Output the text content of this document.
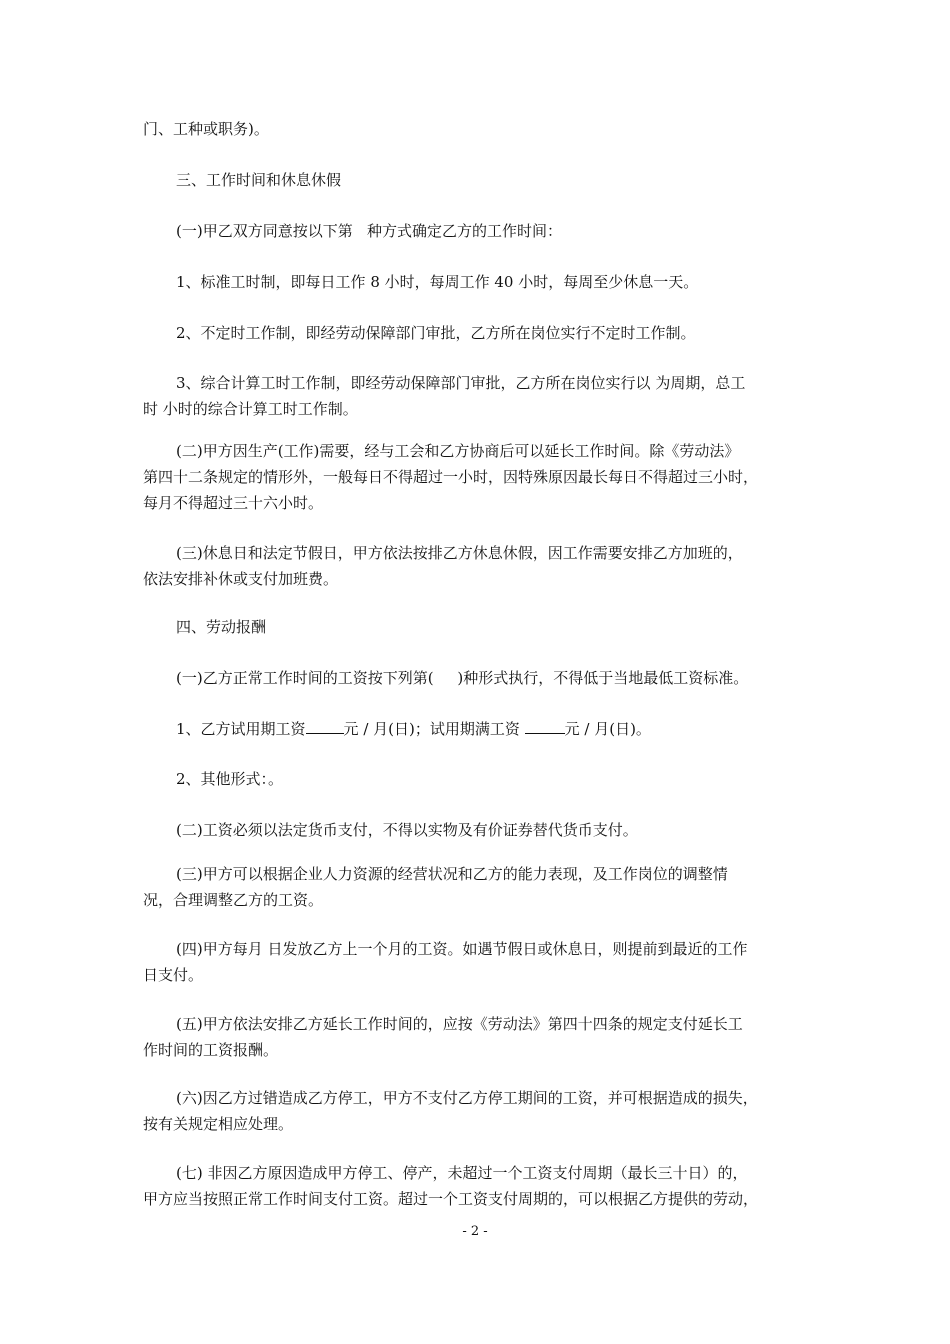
门、工种或职务)。

三、工作时间和休息休假

(一)甲乙双方同意按以下第   种方式确定乙方的工作时间：

1、标准工时制，即每日工作 8 小时，每周工作 40 小时，每周至少休息一天。

2、不定时工作制，即经劳动保障部门审批，乙方所在岗位实行不定时工作制。

3、综合计算工时工作制，即经劳动保障部门审批，乙方所在岗位实行以 为周期，总工
时 小时的综合计算工时工作制。

(二)甲方因生产(工作)需要，经与工会和乙方协商后可以延长工作时间。除《劳动法》
第四十二条规定的情形外，一般每日不得超过一小时，因特殊原因最长每日不得超过三小时，
每月不得超过三十六小时。

(三)休息日和法定节假日，甲方依法按排乙方休息休假，因工作需要安排乙方加班的，
依法安排补休或支付加班费。

四、劳动报酬

(一)乙方正常工作时间的工资按下列第(     )种形式执行，不得低于当地最低工资标准。

1、乙方试用期工资	元 / 月(日)；试用期满工资	元 / 月(日)。

2、其他形式：。

(二)工资必须以法定货币支付，不得以实物及有价证券替代货币支付。

(三)甲方可以根据企业人力资源的经营状况和乙方的能力表现，及工作岗位的调整情
况，合理调整乙方的工资。

(四)甲方每月 日发放乙方上一个月的工资。如遇节假日或休息日，则提前到最近的工作
日支付。

(五)甲方依法安排乙方延长工作时间的，应按《劳动法》第四十四条的规定支付延长工
作时间的工资报酬。

(六)因乙方过错造成乙方停工，甲方不支付乙方停工期间的工资，并可根据造成的损失，
按有关规定相应处理。

(七) 非因乙方原因造成甲方停工、停产，未超过一个工资支付周期（最长三十日）的，
甲方应当按照正常工作时间支付工资。超过一个工资支付周期的，可以根据乙方提供的劳动，

- 2 -
